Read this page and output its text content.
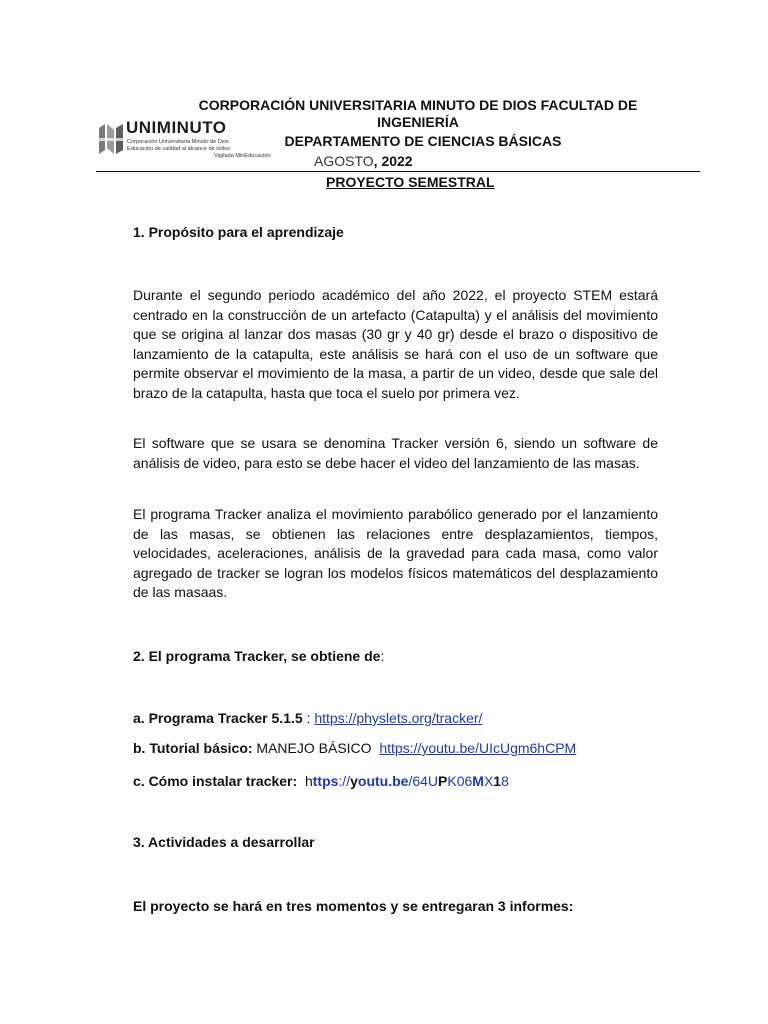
UNIMINUTO
Corporación Universitaria Minuto de Dios
Educación de calidad al alcance de todos
Vigilada MinEducación
CORPORACIÓN UNIVERSITARIA MINUTO DE DIOS FACULTAD DE
INGENIERÍA
DEPARTAMENTO DE CIENCIAS BÁSICAS
AGOSTO, 2022
PROYECTO SEMESTRAL
1. Propósito para el aprendizaje
Durante el segundo periodo académico del año 2022, el proyecto STEM estará centrado en la construcción de un artefacto (Catapulta) y el análisis del movimiento que se origina al lanzar dos masas (30 gr y 40 gr) desde el brazo o dispositivo de lanzamiento de la catapulta, este análisis se hará con el uso de un software que permite observar el movimiento de la masa, a partir de un video, desde que sale del brazo de la catapulta, hasta que toca el suelo por primera vez.
El software que se usara se denomina Tracker versión 6, siendo un software de análisis de video, para esto se debe hacer el video del lanzamiento de las masas.
El programa Tracker analiza el movimiento parabólico generado por el lanzamiento de las masas, se obtienen las relaciones entre desplazamientos, tiempos, velocidades, aceleraciones, análisis de la gravedad para cada masa, como valor agregado de tracker se logran los modelos físicos matemáticos del desplazamiento de las masaas.
2. El programa Tracker, se obtiene de:
a. Programa Tracker 5.1.5 : https://physlets.org/tracker/
b. Tutorial básico: MANEJO BÁSICO  https://youtu.be/UIcUgm6hCPM
c. Cómo instalar tracker: https://youtu.be/64UPK06MX18
3. Actividades a desarrollar
El proyecto se hará en tres momentos y se entregaran 3 informes:
